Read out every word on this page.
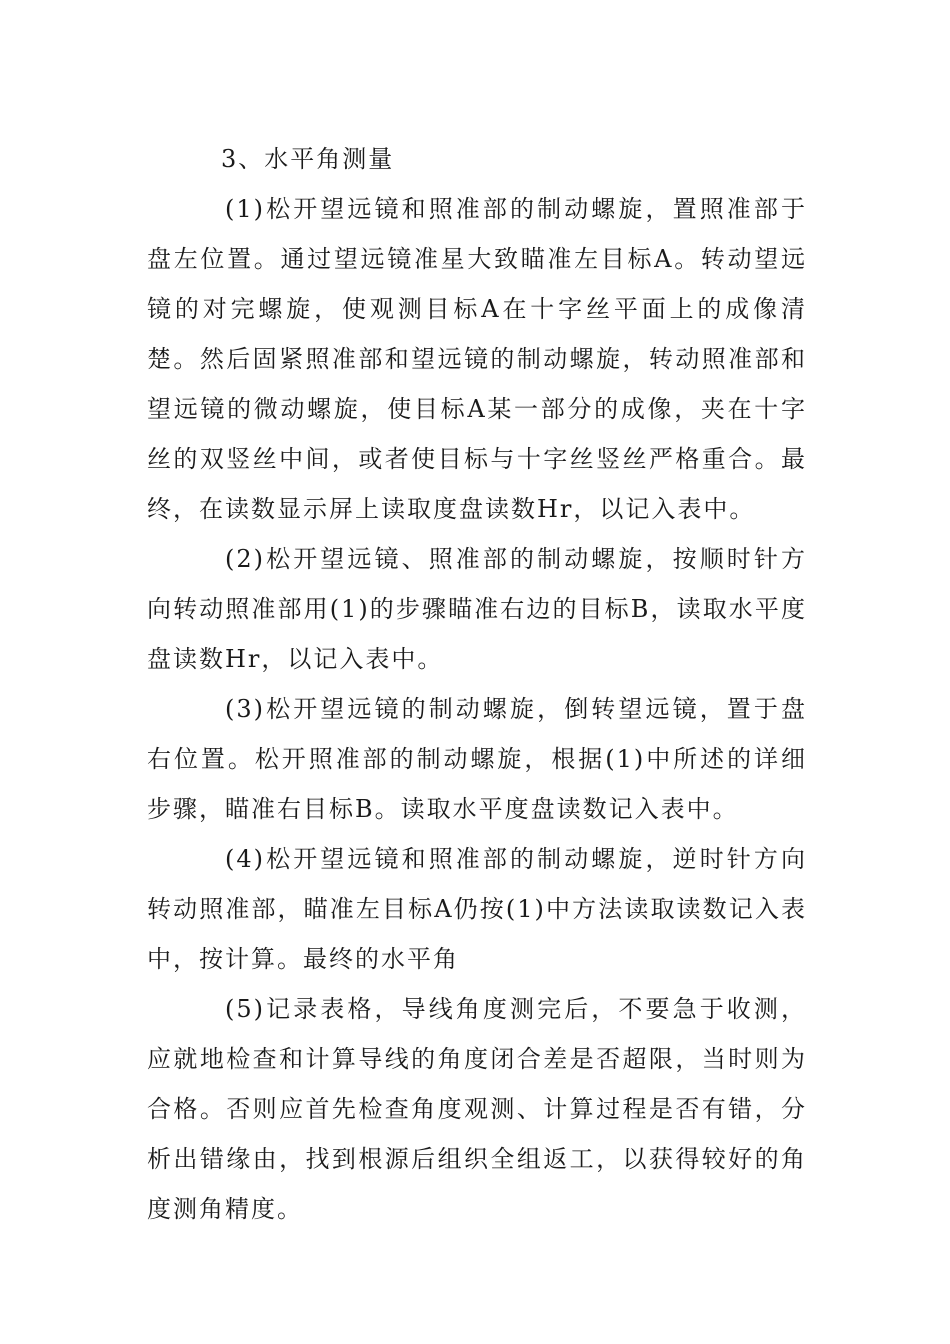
3、水平角测量

(1)松开望远镜和照准部的制动螺旋，置照准部于盘左位置。通过望远镜准星大致瞄准左目标A。转动望远镜的对完螺旋，使观测目标A在十字丝平面上的成像清楚。然后固紧照准部和望远镜的制动螺旋，转动照准部和望远镜的微动螺旋，使目标A某一部分的成像，夹在十字丝的双竖丝中间，或者使目标与十字丝竖丝严格重合。最终，在读数显示屏上读取度盘读数Hr，以记入表中。

(2)松开望远镜、照准部的制动螺旋，按顺时针方向转动照准部用(1)的步骤瞄准右边的目标B，读取水平度盘读数Hr，以记入表中。

(3)松开望远镜的制动螺旋，倒转望远镜，置于盘右位置。松开照准部的制动螺旋，根据(1)中所述的详细步骤，瞄准右目标B。读取水平度盘读数记入表中。

(4)松开望远镜和照准部的制动螺旋，逆时针方向转动照准部，瞄准左目标A仍按(1)中方法读取读数记入表中，按计算。最终的水平角

(5)记录表格，导线角度测完后，不要急于收测，应就地检查和计算导线的角度闭合差是否超限，当时则为合格。否则应首先检查角度观测、计算过程是否有错，分析出错缘由，找到根源后组织全组返工，以获得较好的角度测角精度。
